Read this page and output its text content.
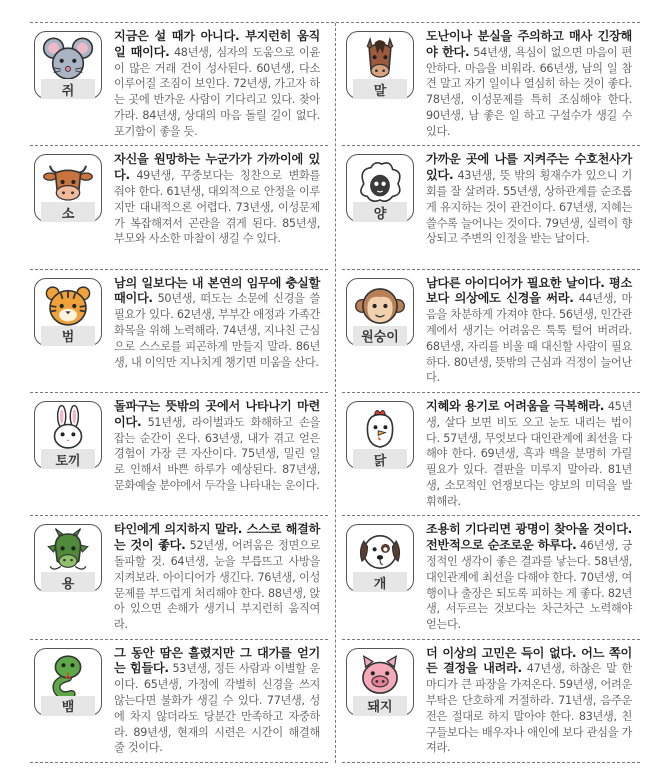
쥐
지금은 설 때가 아니다. 부지런히 움직일 때이다. 48년생, 심자의 도움으로 이윤이 많은 거래 건이 성사된다. 60년생, 다소 이루어질 조짐이 보인다. 72년생, 가고자 하는 곳에 반가운 사람이 기다리고 있다. 찾아가라. 84년생, 상대의 마음 돌릴 길이 없다. 포기함이 좋을 듯.
말
도난이나 분실을 주의하고 매사 긴장해야 한다. 54년생, 욕심이 없으면 마음이 편안하다. 마음을 비워라. 66년생, 남의 일 참견 말고 자기 일이나 열심히 하는 것이 좋다. 78년생, 이성문제를 특히 조심해야 한다. 90년생, 남 좋은 일 하고 구설수가 생길 수 있다.
소
자신을 원망하는 누군가가 가까이에 있다. 49년생, 꾸중보다는 칭찬으로 변화를 줘야 한다. 61년생, 대외적으로 안정을 이루지만 대내적으론 어렵다. 73년생, 이성문제가 복잡해져서 곤란을 겪게 된다. 85년생, 부모와 사소한 마찰이 생길 수 있다.
양
가까운 곳에 나를 지켜주는 수호천사가 있다. 43년생, 뜻 밖의 횡재수가 있으니 기회를 잘 살려라. 55년생, 상하관계를 순조롭게 유지하는 것이 관건이다. 67년생, 지혜는 쓸수록 늘어나는 것이다. 79년생, 실력이 향상되고 주변의 인정을 받는 날이다.
범
남의 일보다는 내 본연의 임무에 충실할 때이다. 50년생, 떠도는 소문에 신경을 쓸 필요가 있다. 62년생, 부부간 애정과 가족간 화목을 위해 노력해라. 74년생, 지나친 근심으로 스스로를 피곤하게 만들지 말라. 86년생, 내 이익만 지나치게 챙기면 미움을 산다.
원숭이
남다른 아이디어가 필요한 날이다. 평소보다 의상에도 신경을 써라. 44년생, 마음을 차분하게 가져야 한다. 56년생, 인간관계에서 생기는 어려움은 툭툭 털어 버려라. 68년생, 자리를 비울 때 대신할 사람이 필요하다. 80년생, 뜻밖의 근심과 걱정이 늘어난다.
토끼
돌파구는 뜻밖의 곳에서 나타나기 마련이다. 51년생, 라이벌과도 화해하고 손을 잡는 순간이 온다. 63년생, 내가 겪고 얻은 경험이 가장 큰 자산이다. 75년생, 밀린 일로 인해서 바쁜 하루가 예상된다. 87년생, 문화예술 분야에서 두각을 나타내는 운이다.
닭
지혜와 용기로 어려움을 극복해라. 45년생, 살다 보면 비도 오고 눈도 내리는 법이다. 57년생, 무엇보다 대인관계에 최선을 다해야 한다. 69년생, 흑과 백을 분명히 가릴 필요가 있다. 결판을 미루지 말아라. 81년생, 소모적인 언쟁보다는 양보의 미덕을 발휘해라.
용
타인에게 의지하지 말라. 스스로 해결하는 것이 좋다. 52년생, 어려움은 정면으로 돌파할 것. 64년생, 눈을 부릅뜨고 사방을 지켜보라. 아이디어가 생긴다. 76년생, 이성 문제를 부드럽게 처리해야 한다. 88년생, 앉아 있으면 손해가 생기니 부지런히 움직여라.
개
조용히 기다리면 광명이 찾아올 것이다. 전반적으로 순조로운 하루다. 46년생, 긍정적인 생각이 좋은 결과를 낳는다. 58년생, 대인관계에 최선을 다해야 한다. 70년생, 여행이나 출장은 되도록 피하는 게 좋다. 82년생, 서두르는 것보다는 차근차근 노력해야 얻는다.
뱀
그 동안 땀은 흘렸지만 그 대가를 얻기는 힘들다. 53년생, 정든 사람과 이별할 운이다. 65년생, 가정에 각별히 신경을 쓰지 않는다면 불화가 생길 수 있다. 77년생, 성에 차지 않더라도 당분간 만족하고 자중하라. 89년생, 현재의 시련은 시간이 해결해 줄 것이다.
돼지
더 이상의 고민은 득이 없다. 어느 쪽이든 결정을 내려라. 47년생, 하찮은 말 한마디가 큰 파장을 가져온다. 59년생, 어려운 부탁은 단호하게 거절하라. 71년생, 음주운전은 절대로 하지 말아야 한다. 83년생, 친구들보다는 배우자나 애인에 보다 관심을 가져라.
